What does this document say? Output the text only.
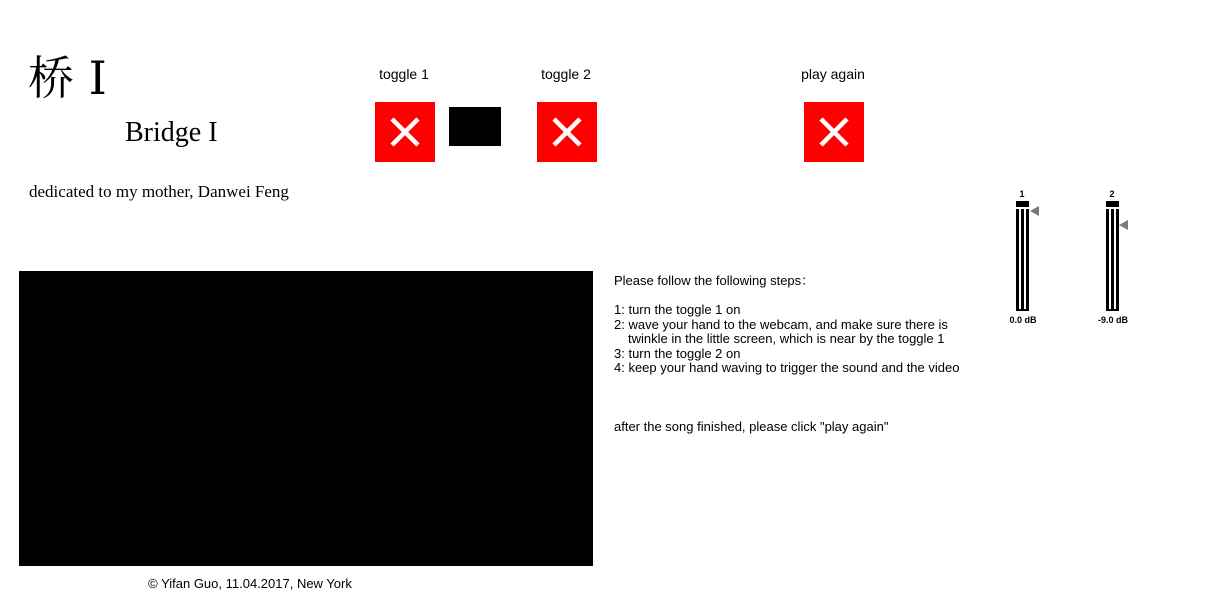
桥 I
Bridge I
dedicated to my mother, Danwei Feng
toggle 1	toggle 2	play again
© Yifan Guo, 11.04.2017, New York
Please follow the following steps：
1: turn the toggle 1 on
2: wave your hand to the webcam, and make sure there is
twinkle in the little screen, which is near by the toggle 1
3: turn the toggle 2 on
4: keep your hand waving to trigger the sound and the video
after the song finished, please click "play again"
1
0.0 dB
2
-9.0 dB
